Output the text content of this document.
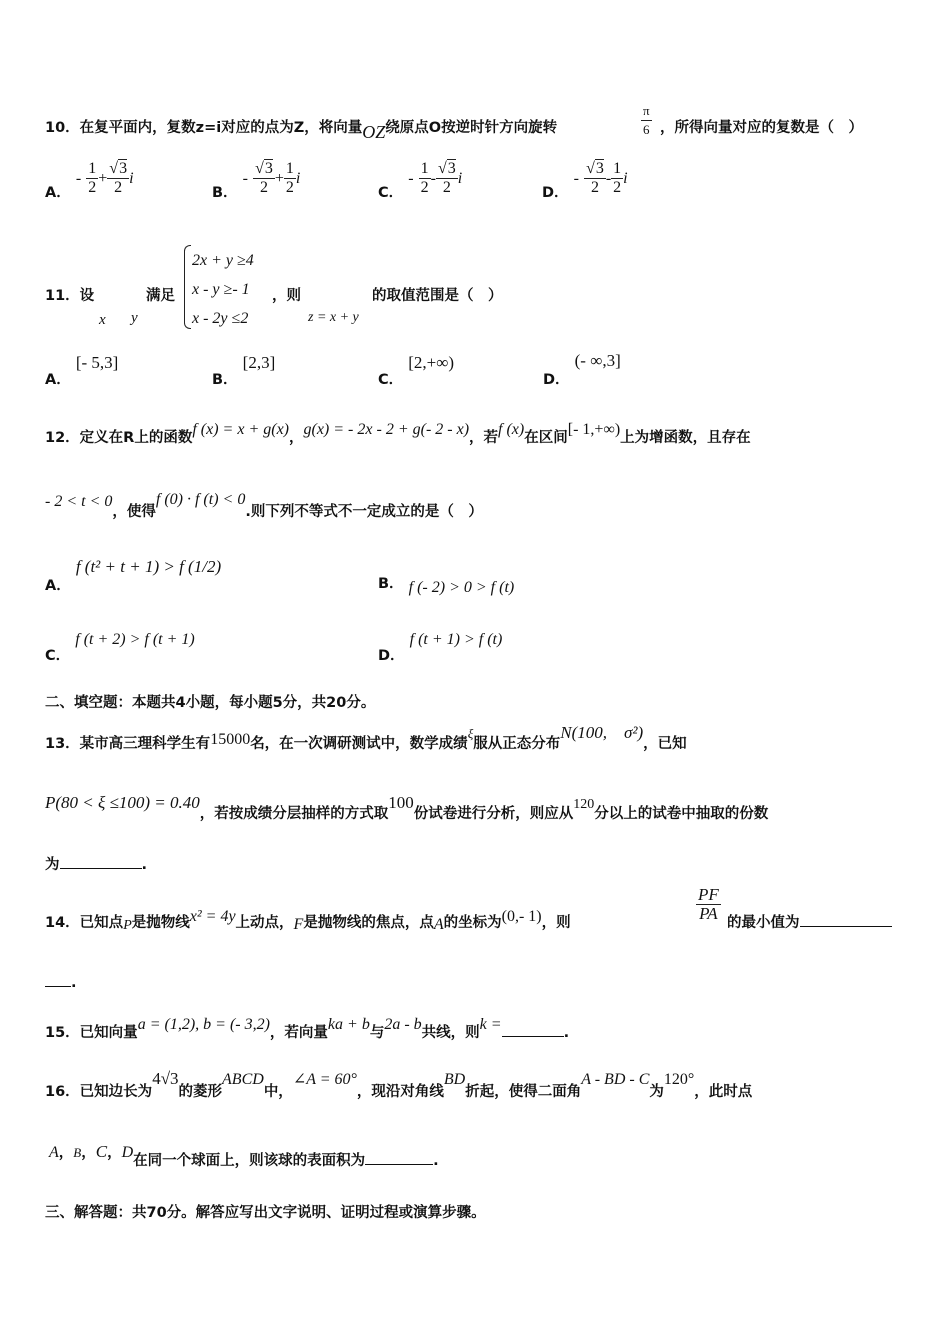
10．在复平面内，复数z=i对应的点为Z，将向量OZ绕原点O按逆时针方向旋转	$\frac{\pi}{6}$ ，所得向量对应的复数是（　）
A． - $\frac{1}{2} + \frac{√3}{2}$ i
B． - $\frac{√3}{2} + \frac{1}{2}$ i
C． - $\frac{1}{2} - \frac{√3}{2}$ i
D． - $\frac{√3}{2} - \frac{1}{2}$ i
11．设
x y
满足
2x + y ≥4
x - y ≥- 1
x - 2y ≤2
，则
z = x + y
的取值范围是（　）
A． [- 5,3]
B． [2,3]
C． [2,+∞)
D． (- ∞,3]
12．定义在R上的函数f (x) = x + g(x)，g(x) = - 2x - 2 + g(- 2 - x)，若f (x)在区间[- 1,+∞)上为增函数，且存在
- 2 < t < 0，使得f (0) · f (t) < 0.则下列不等式不一定成立的是（　）
A． f (t² + t + 1) > f (1/2)
B． f (- 2) > 0 > f (t)
C． f (t + 2) > f (t + 1)
D． f (t + 1) > f (t)
二、填空题：本题共4小题，每小题5分，共20分。
13．某市高三理科学生有15000名，在一次调研测试中，数学成绩ξ服从正态分布N(100,　σ²)，已知
P(80 < ξ ≤100) = 0.40，若按成绩分层抽样的方式取100份试卷进行分析，则应从120分以上的试卷中抽取的份数
为	.
14．已知点P是抛物线x² = 4y上动点，F是抛物线的焦点，点A的坐标为(0,- 1)，则	$\frac{PF}{PA}$ 的最小值为
.
15．已知向量a = (1,2), b = (- 3,2)，若向量ka + b与2a - b共线，则k =	.
16．已知边长为4√3的菱形ABCD中，∠A = 60°，现沿对角线BD折起，使得二面角A - BD - C为120°，此时点
A，B，C，D在同一个球面上，则该球的表面积为	.
三、解答题：共70分。解答应写出文字说明、证明过程或演算步骤。
